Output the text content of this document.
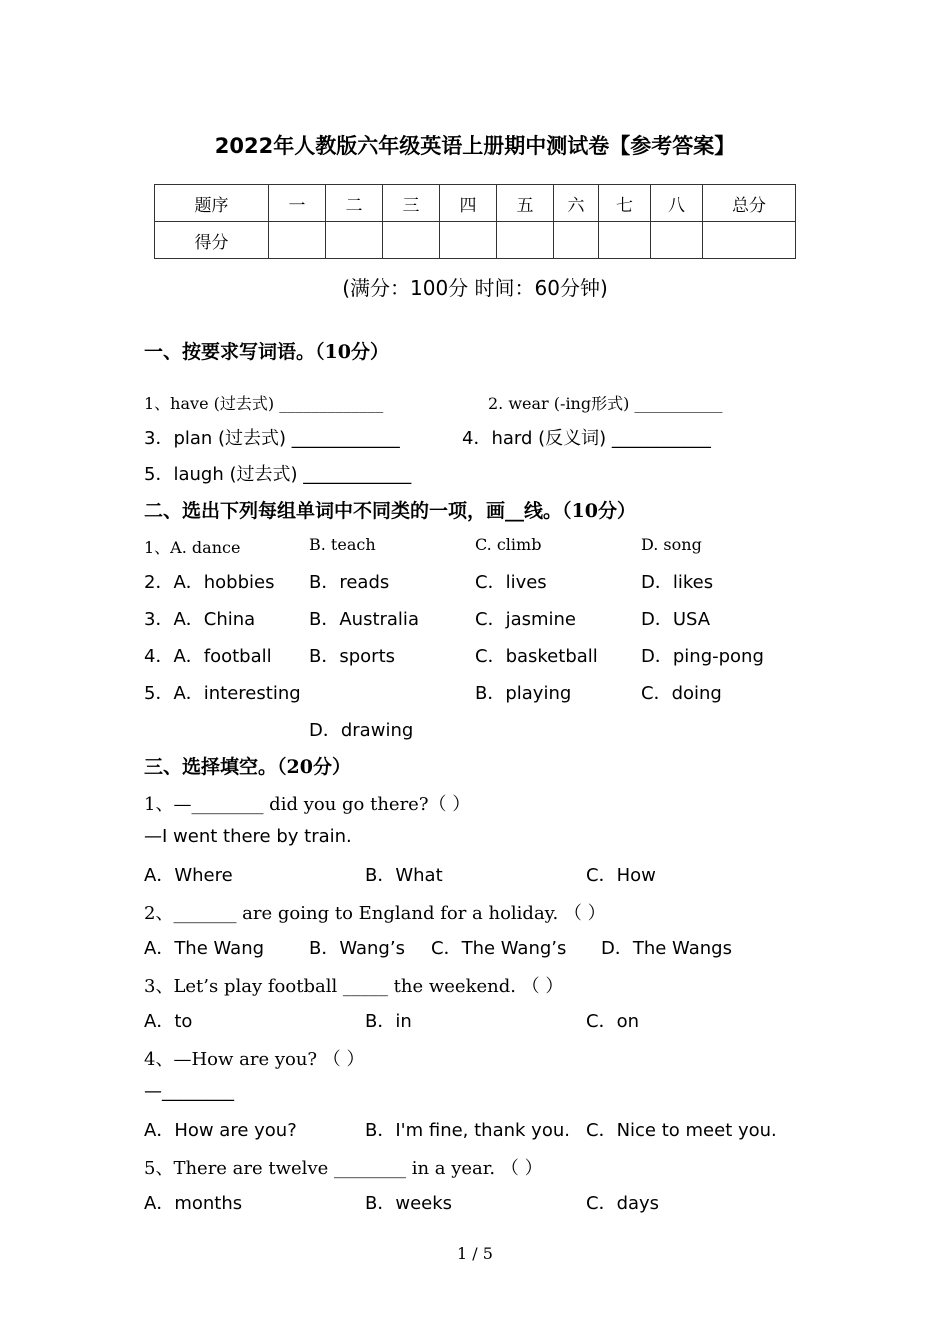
2022年人教版六年级英语上册期中测试卷【参考答案】
题序	一	二	三	四	五	六	七	八	总分
得分									
(满分：100分 时间：60分钟)
一、按要求写词语。（10分）
1、have (过去式) _____________	2. wear (-ing形式) ___________
3．plan (过去式) ____________	4．hard (反义词) ___________
5．laugh (过去式) ____________
二、选出下列每组单词中不同类的一项，画__线。（10分）
1、A. dance	B. teach	C. climb	D. song
2．A．hobbies B．reads	C．lives	D．likes
3．A．China	B．Australia	C．jasmine	D．USA
4．A．football B．sports	C．basketball D．ping-pong
5．A．interesting	B．playing	C．doing
D．drawing
三、选择填空。（20分）
1、—________ did you go there?（ ）
—I went there by train.
A．Where	B．What	C．How
2、_______ are going to England for a holiday. （ ）
A．The Wang B．Wang’s C．The Wang’s D．The Wangs
3、Let’s play football _____ the weekend. （ ）
A．to	B．in	C．on
4、—How are you? （ ）
—________
A．How are you?	B．I'm fine, thank you. C．Nice to meet you.
5、There are twelve ________ in a year. （ ）
A．months	B．weeks	C．days
1 / 5
